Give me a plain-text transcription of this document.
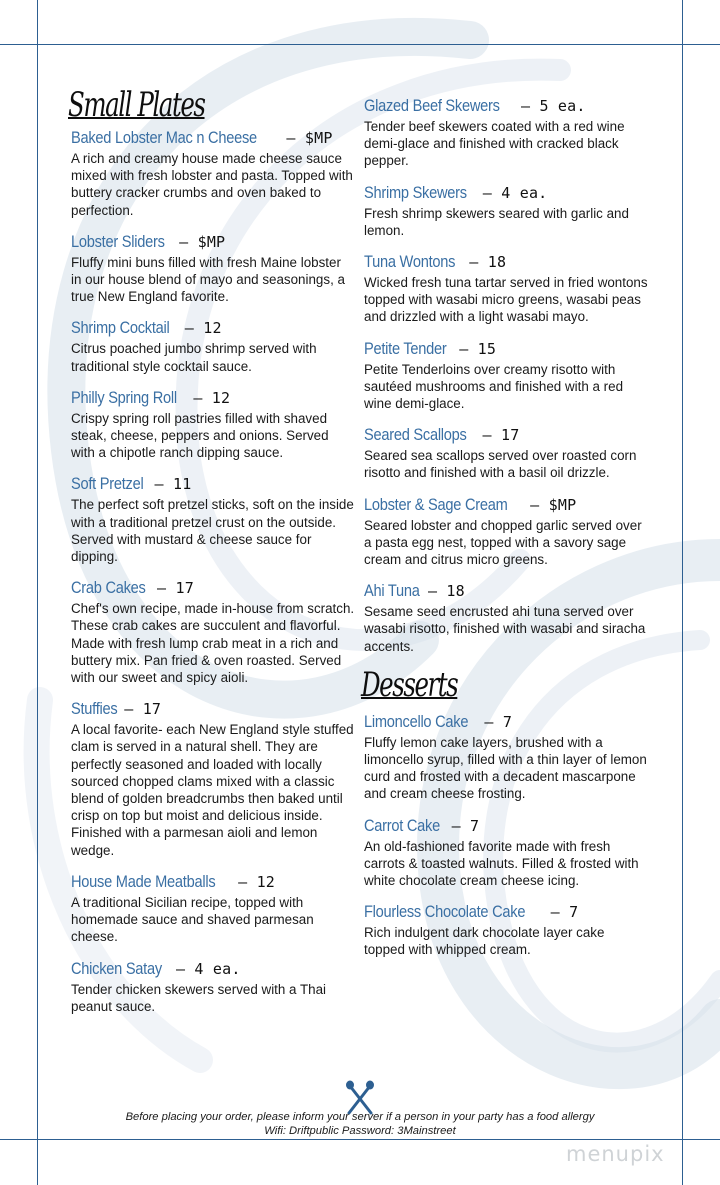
Small Plates
Baked Lobster Mac n Cheese – $MP

A rich and creamy house made cheese sauce mixed with fresh lobster and pasta. Topped with buttery cracker crumbs and oven baked to perfection.

Lobster Sliders – $MP

Fluffy mini buns filled with fresh Maine lobster in our house blend of mayo and seasonings, a true New England favorite.

Shrimp Cocktail – 12

Citrus poached jumbo shrimp served with traditional style cocktail sauce.

Philly Spring Roll – 12

Crispy spring roll pastries filled with shaved steak, cheese, peppers and onions. Served with a chipotle ranch dipping sauce.

Soft Pretzel – 11

The perfect soft pretzel sticks, soft on the inside with a traditional pretzel crust on the outside. Served with mustard & cheese sauce for dipping.

Crab Cakes – 17

Chef's own recipe, made in-house from scratch. These crab cakes are succulent and flavorful. Made with fresh lump crab meat in a rich and buttery mix. Pan fried & oven roasted. Served with our sweet and spicy aioli.

Stuffies – 17

A local favorite- each New England style stuffed clam is served in a natural shell. They are perfectly seasoned and loaded with locally sourced chopped clams mixed with a classic blend of golden breadcrumbs then baked until crisp on top but moist and delicious inside. Finished with a parmesan aioli and lemon wedge.

House Made Meatballs – 12

A traditional Sicilian recipe, topped with homemade sauce and shaved parmesan cheese.

Chicken Satay – 4 ea.

Tender chicken skewers served with a Thai peanut sauce.

Glazed Beef Skewers – 5 ea.

Tender beef skewers coated with a red wine demi-glace and finished with cracked black pepper.

Shrimp Skewers – 4 ea.

Fresh shrimp skewers seared with garlic and lemon.

Tuna Wontons – 18

Wicked fresh tuna tartar served in fried wontons topped with wasabi micro greens, wasabi peas and drizzled with a light wasabi mayo.

Petite Tender – 15

Petite Tenderloins over creamy risotto with sautéed mushrooms and finished with a red wine demi-glace.

Seared Scallops – 17

Seared sea scallops served over roasted corn risotto and finished with a basil oil drizzle.

Lobster & Sage Cream – $MP

Seared lobster and chopped garlic served over a pasta egg nest, topped with a savory sage cream and citrus micro greens.

Ahi Tuna – 18

Sesame seed encrusted ahi tuna served over wasabi risotto, finished with wasabi and siracha accents.

Desserts
Limoncello Cake – 7

Fluffy lemon cake layers, brushed with a limoncello syrup, filled with a thin layer of lemon curd and frosted with a decadent mascarpone and cream cheese frosting.

Carrot Cake – 7

An old-fashioned favorite made with fresh carrots & toasted walnuts. Filled & frosted with white chocolate cream cheese icing.

Flourless Chocolate Cake – 7

Rich indulgent dark chocolate layer cake topped with whipped cream.

Before placing your order, please inform your server if a person in your party has a food allergy
Wifi: Driftpublic Password: 3Mainstreet
menupix
